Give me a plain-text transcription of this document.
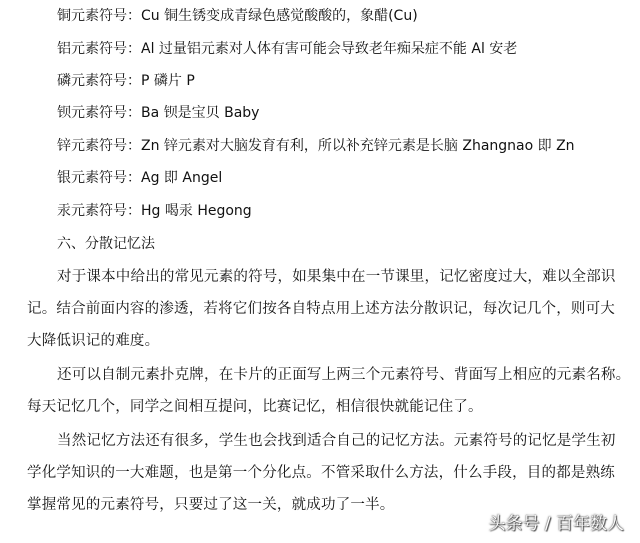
铜元素符号：Cu 铜生锈变成青绿色感觉酸酸的，象醋(Cu)
铝元素符号：Al 过量铝元素对人体有害可能会导致老年痴呆症不能 Al 安老
磷元素符号：P 磷片 P
钡元素符号：Ba 钡是宝贝 Baby
锌元素符号：Zn 锌元素对大脑发育有利，所以补充锌元素是长脑 Zhangnao 即 Zn
银元素符号：Ag 即 Angel
汞元素符号：Hg 喝汞 Hegong
六、分散记忆法
对于课本中给出的常见元素的符号，如果集中在一节课里，记忆密度过大，难以全部识
记。结合前面内容的渗透，若将它们按各自特点用上述方法分散识记，每次记几个，则可大
大降低识记的难度。
还可以自制元素扑克牌，在卡片的正面写上两三个元素符号、背面写上相应的元素名称。
每天记忆几个，同学之间相互提问，比赛记忆，相信很快就能记住了。
当然记忆方法还有很多，学生也会找到适合自己的记忆方法。元素符号的记忆是学生初
学化学知识的一大难题，也是第一个分化点。不管采取什么方法，什么手段，目的都是熟练
掌握常见的元素符号，只要过了这一关，就成功了一半。
头条号 / 百年数人
